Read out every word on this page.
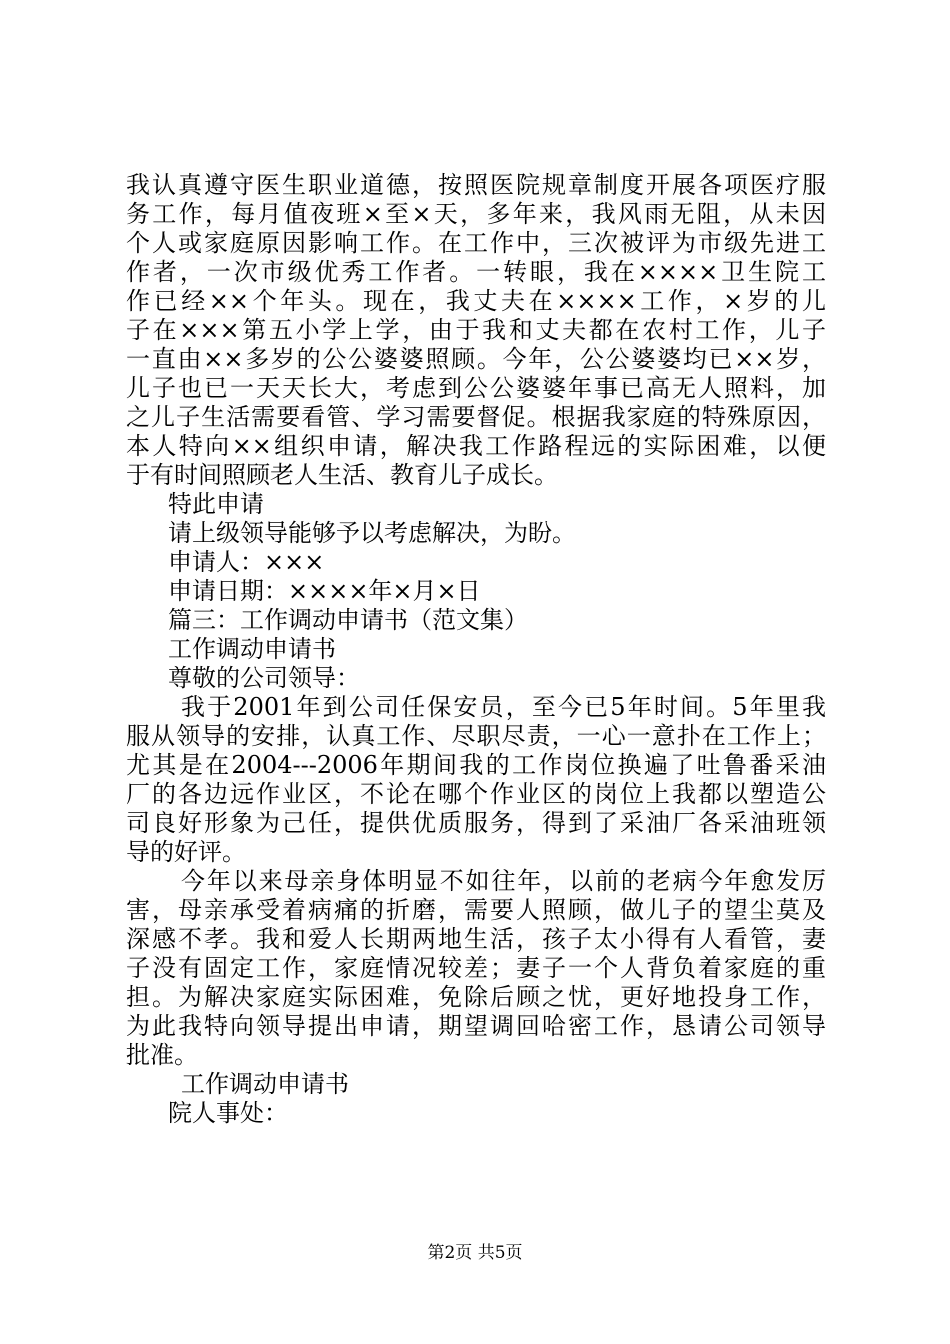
我认真遵守医生职业道德，按照医院规章制度开展各项医疗服
务工作，每月值夜班×至×天，多年来，我风雨无阻，从未因
个人或家庭原因影响工作。在工作中，三次被评为市级先进工
作者，一次市级优秀工作者。一转眼，我在××××卫生院工
作已经××个年头。现在，我丈夫在××××工作，×岁的儿
子在×××第五小学上学，由于我和丈夫都在农村工作，儿子
一直由××多岁的公公婆婆照顾。今年，公公婆婆均已××岁，
儿子也已一天天长大，考虑到公公婆婆年事已高无人照料，加
之儿子生活需要看管、学习需要督促。根据我家庭的特殊原因，
本人特向××组织申请，解决我工作路程远的实际困难，以便
于有时间照顾老人生活、教育儿子成长。
特此申请
请上级领导能够予以考虑解决，为盼。
申请人：×××
申请日期：××××年×月×日
篇三：工作调动申请书（范文集）
工作调动申请书
尊敬的公司领导：
我于2001年到公司任保安员，至今已5年时间。5年里我
服从领导的安排，认真工作、尽职尽责，一心一意扑在工作上；
尤其是在2004---2006年期间我的工作岗位换遍了吐鲁番采油
厂的各边远作业区，不论在哪个作业区的岗位上我都以塑造公
司良好形象为己任，提供优质服务，得到了采油厂各采油班领
导的好评。
今年以来母亲身体明显不如往年，以前的老病今年愈发厉
害，母亲承受着病痛的折磨，需要人照顾，做儿子的望尘莫及
深感不孝。我和爱人长期两地生活，孩子太小得有人看管，妻
子没有固定工作，家庭情况较差；妻子一个人背负着家庭的重
担。为解决家庭实际困难，免除后顾之忧，更好地投身工作，
为此我特向领导提出申请，期望调回哈密工作，恳请公司领导
批准。
工作调动申请书
院人事处：
第2页 共5页
